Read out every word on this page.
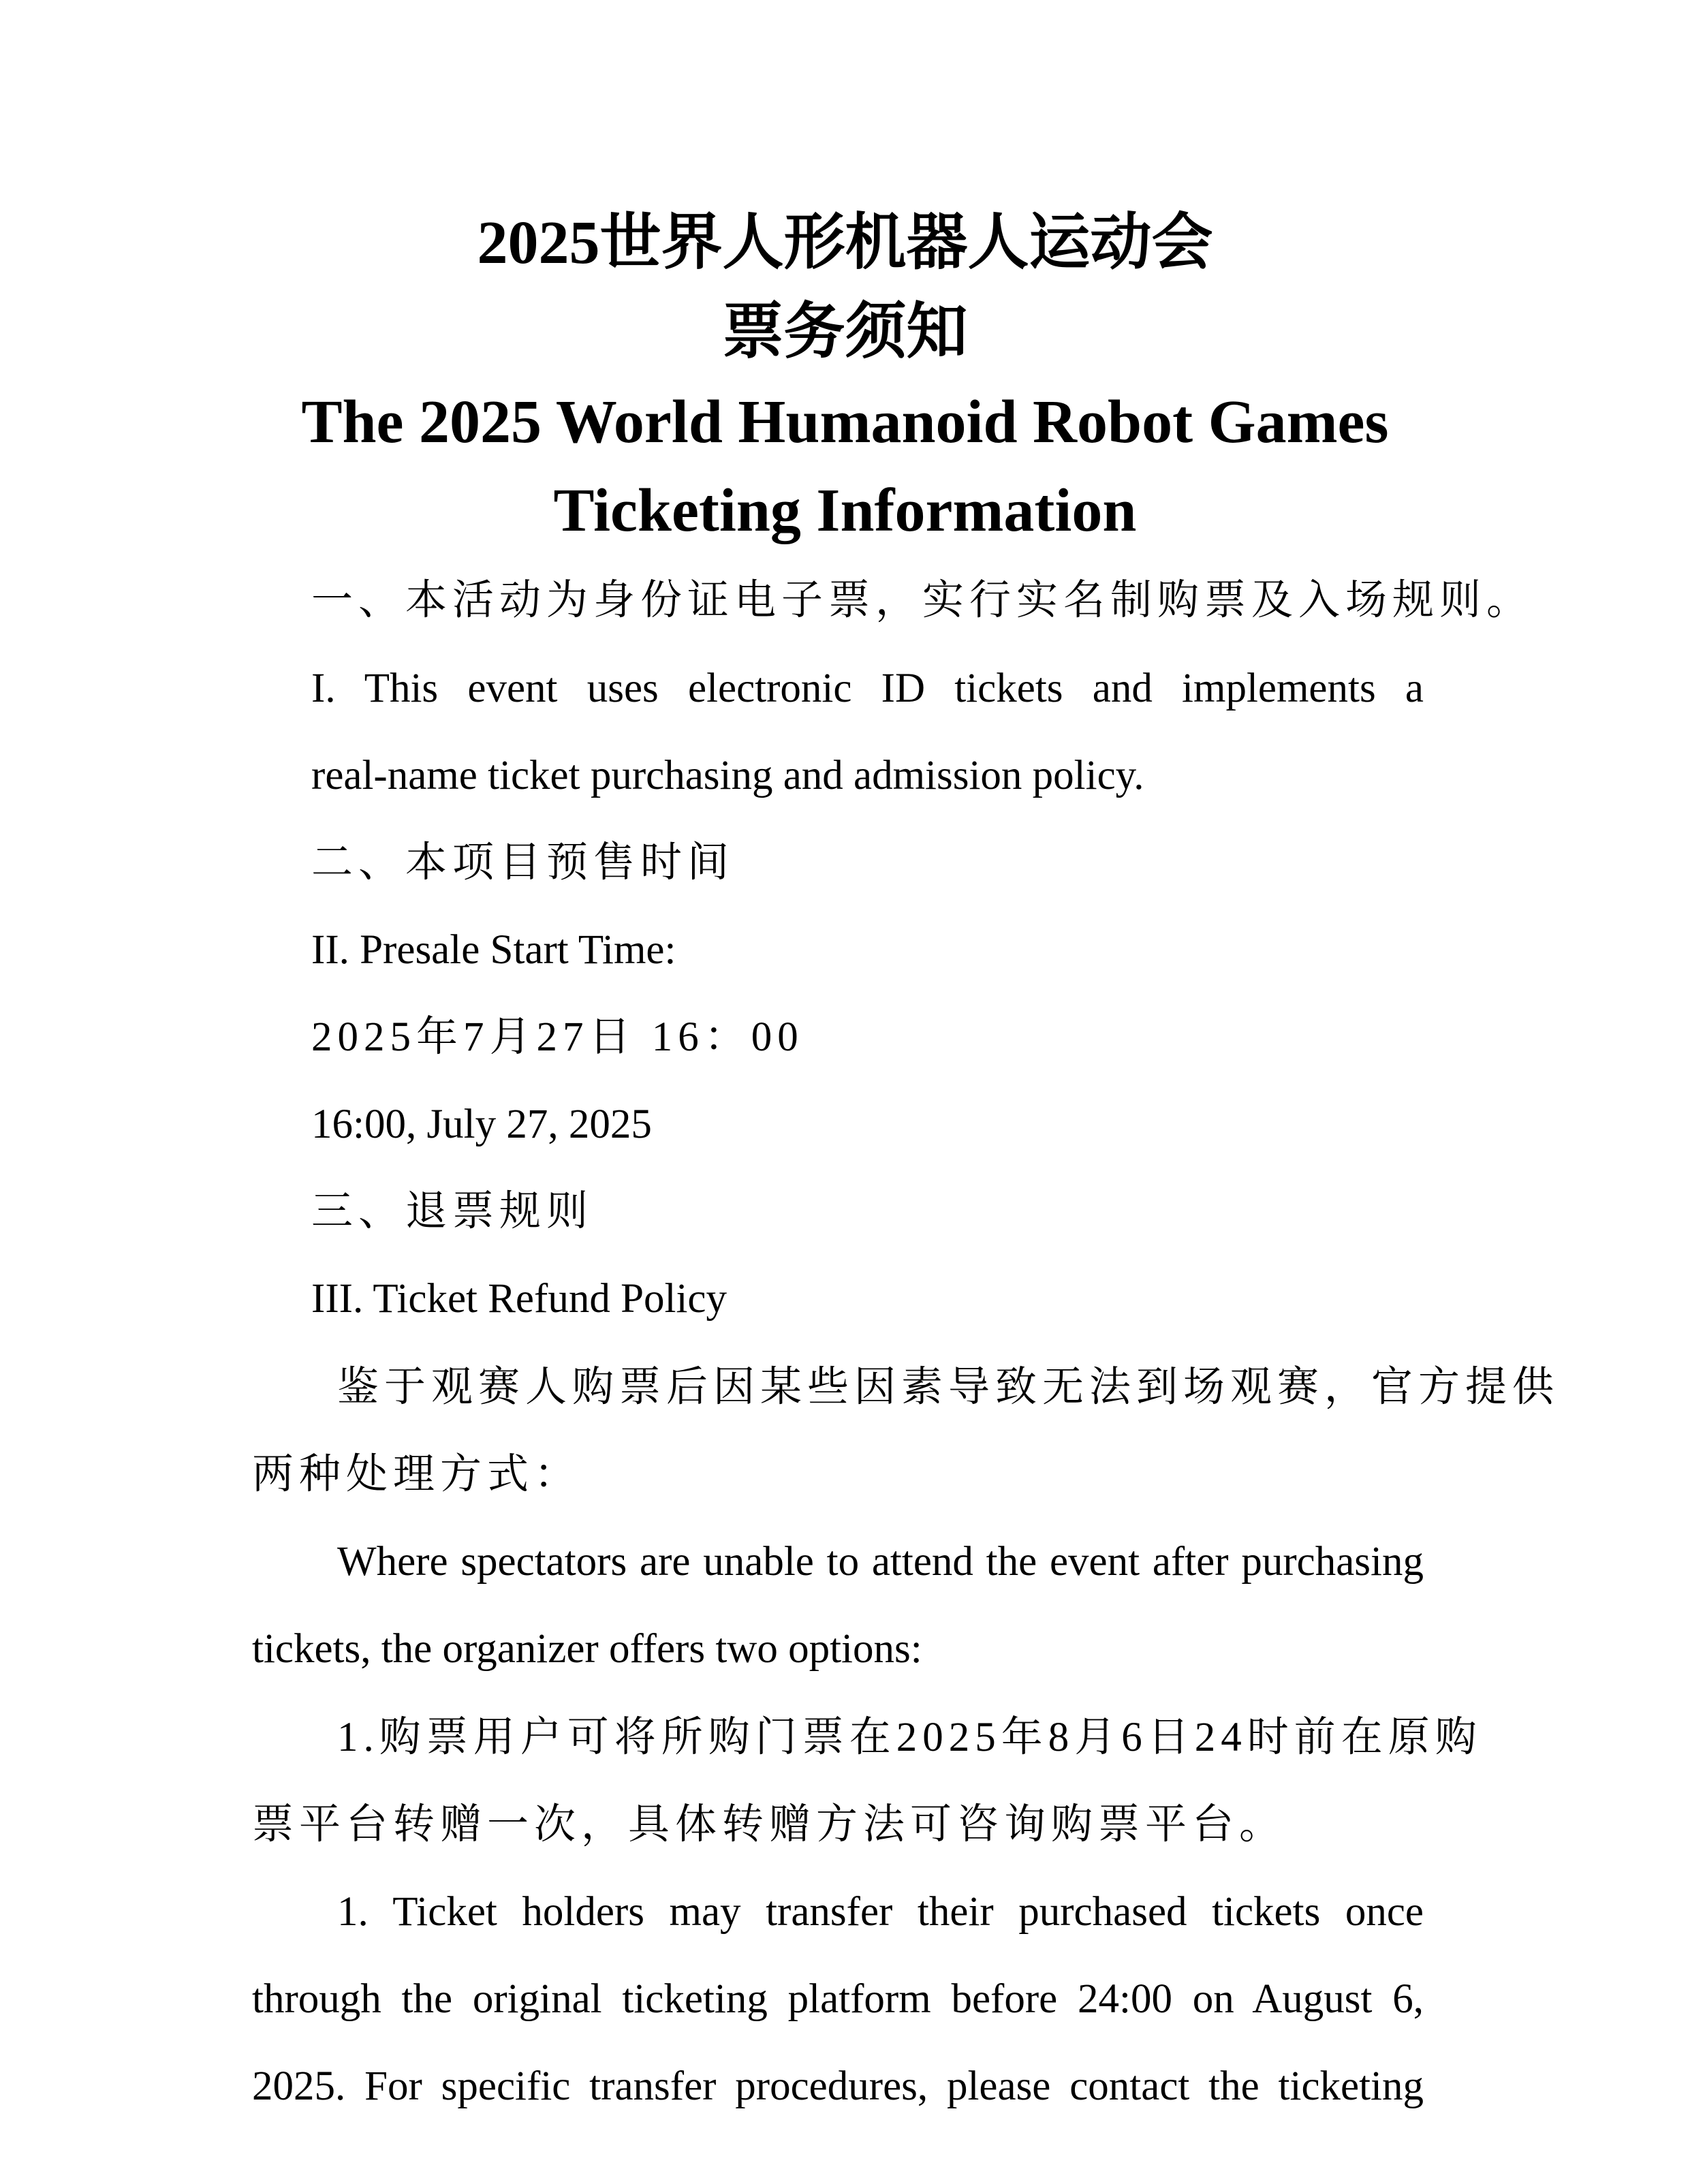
2025世界人形机器人运动会
票务须知
The 2025 World Humanoid Robot Games
Ticketing Information
一、本活动为身份证电子票，实行实名制购票及入场规则。
I. This event uses electronic ID tickets and implements a
real-name ticket purchasing and admission policy.
二、本项目预售时间
II. Presale Start Time:
2025年7月27日 16：00
16:00, July 27, 2025
三、退票规则
III. Ticket Refund Policy
鉴于观赛人购票后因某些因素导致无法到场观赛，官方提供
两种处理方式：
Where spectators are unable to attend the event after purchasing
tickets, the organizer offers two options:
1.购票用户可将所购门票在2025年8月6日24时前在原购
票平台转赠一次，具体转赠方法可咨询购票平台。
1. Ticket holders may transfer their purchased tickets once
through the original ticketing platform before 24:00 on August 6,
2025. For specific transfer procedures, please contact the ticketing
